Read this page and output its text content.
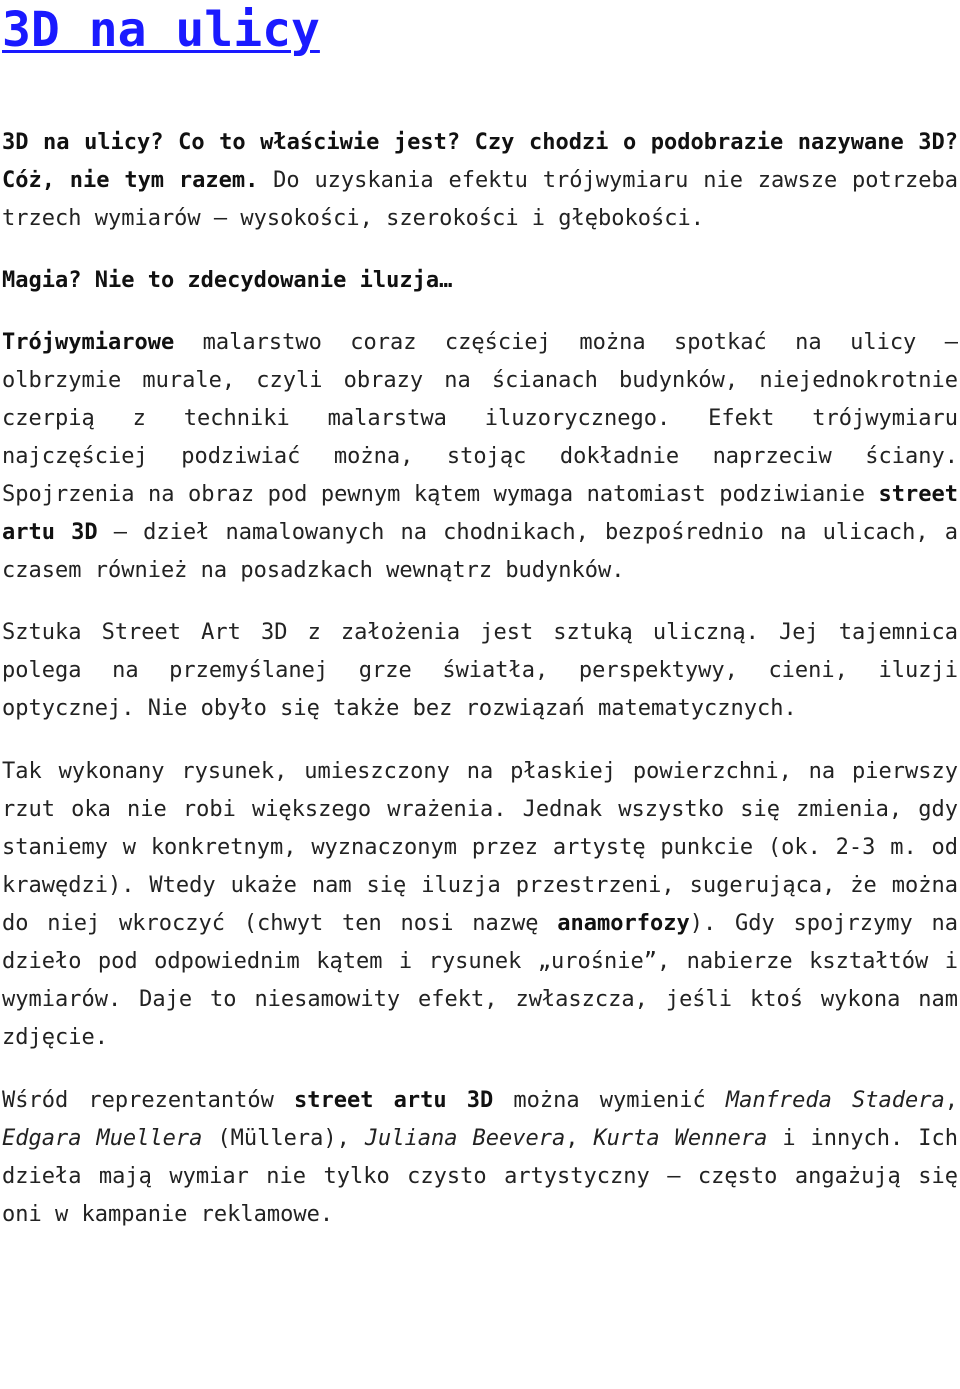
3D na ulicy

3D na ulicy? Co to właściwie jest? Czy chodzi o podobrazie nazywane 3D? Cóż, nie tym razem. Do uzyskania efektu trójwymiaru nie zawsze potrzeba trzech wymiarów – wysokości, szerokości i głębokości.

Magia? Nie to zdecydowanie iluzja…

Trójwymiarowe malarstwo coraz częściej można spotkać na ulicy – olbrzymie murale, czyli obrazy na ścianach budynków, niejednokrotnie czerpią z techniki malarstwa iluzorycznego. Efekt trójwymiaru najczęściej podziwiać można, stojąc dokładnie naprzeciw ściany. Spojrzenia na obraz pod pewnym kątem wymaga natomiast podziwianie street artu 3D – dzieł namalowanych na chodnikach, bezpośrednio na ulicach, a czasem również na posadzkach wewnątrz budynków.

Sztuka Street Art 3D z założenia jest sztuką uliczną. Jej tajemnica polega na przemyślanej grze światła, perspektywy, cieni, iluzji optycznej. Nie obyło się także bez rozwiązań matematycznych.

Tak wykonany rysunek, umieszczony na płaskiej powierzchni, na pierwszy rzut oka nie robi większego wrażenia. Jednak wszystko się zmienia, gdy staniemy w konkretnym, wyznaczonym przez artystę punkcie (ok. 2-3 m. od krawędzi). Wtedy ukaże nam się iluzja przestrzeni, sugerująca, że można do niej wkroczyć (chwyt ten nosi nazwę anamorfozy). Gdy spojrzymy na dzieło pod odpowiednim kątem i rysunek „urośnie”, nabierze kształtów i wymiarów. Daje to niesamowity efekt, zwłaszcza, jeśli ktoś wykona nam zdjęcie.

Wśród reprezentantów street artu 3D można wymienić Manfreda Stadera, Edgara Muellera (Müllera), Juliana Beevera, Kurta Wennera i innych. Ich dzieła mają wymiar nie tylko czysto artystyczny – często angażują się oni w kampanie reklamowe.
